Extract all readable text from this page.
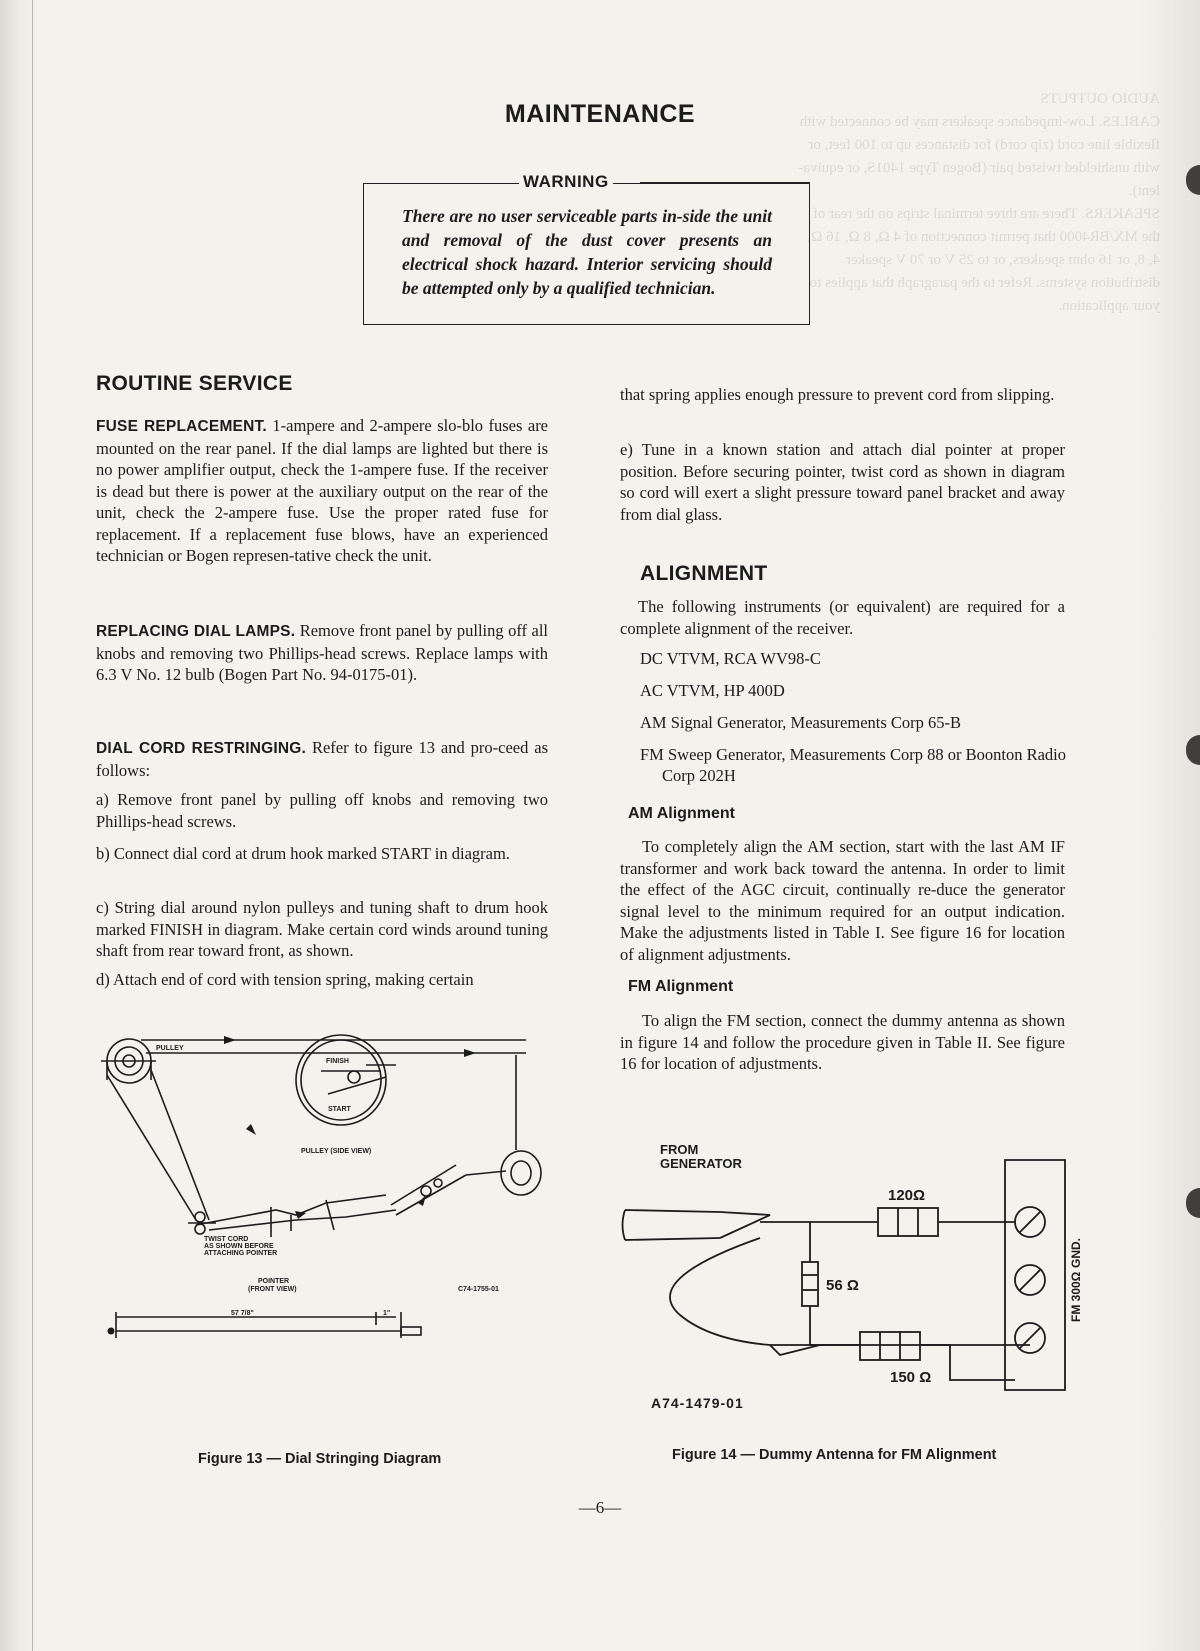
AUDIO OUTPUTS
CABLES. Low-impedance speakers may be connected
flexible line cord (zip cord) for distances up to 100
with unshielded twisted pair (Bogen Type 1401S,
lent).
SPEAKERS. There are three terminal strips on the
the MX/BR4000 that permit connection of 4 Ω, 8
4, 8, or 16 ohm speakers, or to 25 V or 70 V speaker
distribution systems. Refer to the paragraph that
your application.
MAINTENANCE
WARNING

There are no user serviceable parts in-side the unit and removal of the dust cover presents an electrical shock hazard. Interior servicing should be attempted only by a qualified technician.

ROUTINE SERVICE

FUSE REPLACEMENT. 1-ampere and 2-ampere slo-blo fuses are mounted on the rear panel. If the dial lamps are lighted but there is no power amplifier output, check the 1-ampere fuse. If the receiver is dead but there is power at the auxiliary output on the rear of the unit, check the 2-ampere fuse. Use the proper rated fuse for replacement. If a replacement fuse blows, have an experienced technician or Bogen represen-tative check the unit.

REPLACING DIAL LAMPS. Remove front panel by pulling off all knobs and removing two Phillips-head screws. Replace lamps with 6.3 V No. 12 bulb (Bogen Part No. 94-0175-01).

DIAL CORD RESTRINGING. Refer to figure 13 and pro-ceed as follows:

a) Remove front panel by pulling off knobs and removing two Phillips-head screws.

b) Connect dial cord at drum hook marked START in diagram.

c) String dial around nylon pulleys and tuning shaft to drum hook marked FINISH in diagram. Make certain cord winds around tuning shaft from rear toward front, as shown.

d) Attach end of cord with tension spring, making certain

PULLEY
FINISH
START
PULLEY (SIDE VIEW)
TWIST CORD
AS SHOWN BEFORE
ATTACHING POINTER
POINTER
(FRONT VIEW)	C74-1755-01
57 7/8"	1"

Figure 13 — Dial Stringing Diagram

that spring applies enough pressure to prevent cord from slipping.

e) Tune in a known station and attach dial pointer at proper position. Before securing pointer, twist cord as shown in diagram so cord will exert a slight pressure toward panel bracket and away from dial glass.

ALIGNMENT

The following instruments (or equivalent) are required for a complete alignment of the receiver.

DC VTVM, RCA WV98-C

AC VTVM, HP 400D

AM Signal Generator, Measurements Corp 65-B

FM Sweep Generator, Measurements Corp 88 or Boonton Radio Corp 202H

AM Alignment

To completely align the AM section, start with the last AM IF transformer and work back toward the antenna. In order to limit the effect of the AGC circuit, continually re-duce the generator signal level to the minimum required for an output indication. Make the adjustments listed in Table I. See figure 16 for location of alignment adjustments.

FM Alignment

To align the FM section, connect the dummy antenna as shown in figure 14 and follow the procedure given in Table II. See figure 16 for location of adjustments.

FROM
GENERATOR
120Ω
56 Ω
150 Ω
GND.
FM 300Ω

A74-1479-01

Figure 14 — Dummy Antenna for FM Alignment

—6—
